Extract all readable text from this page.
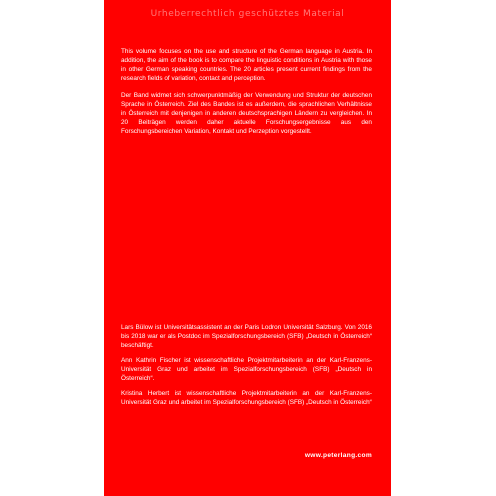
Urheberrechtlich geschütztes Material

This volume focuses on the use and structure of the German language in Austria. In addition, the aim of the book is to compare the linguistic conditions in Austria with those in other German speaking countries. The 20 articles present current findings from the research fields of variation, contact and perception.

Der Band widmet sich schwerpunktmäßig der Verwendung und Struktur der deutschen Sprache in Österreich. Ziel des Bandes ist es außerdem, die sprachlichen Verhältnisse in Österreich mit denjenigen in anderen deutschsprachigen Ländern zu vergleichen. In 20 Beiträgen werden daher aktuelle Forschungsergebnisse aus den Forschungsbereichen Variation, Kontakt und Perzeption vorgestellt.

Lars Bülow ist Universitätsassistent an der Paris Lodron Universität Salzburg. Von 2016 bis 2018 war er als Postdoc im Spezialforschungsbereich (SFB) „Deutsch in Österreich“ beschäftigt.

Ann Kathrin Fischer ist wissenschaftliche Projektmitarbeiterin an der Karl-Franzens-Universität Graz und arbeitet im Spezialforschungsbereich (SFB) „Deutsch in Österreich“.

Kristina Herbert ist wissenschaftliche Projektmitarbeiterin an der Karl-Franzens-Universität Graz und arbeitet im Spezialforschungsbereich (SFB) „Deutsch in Österreich“

www.peterlang.com
